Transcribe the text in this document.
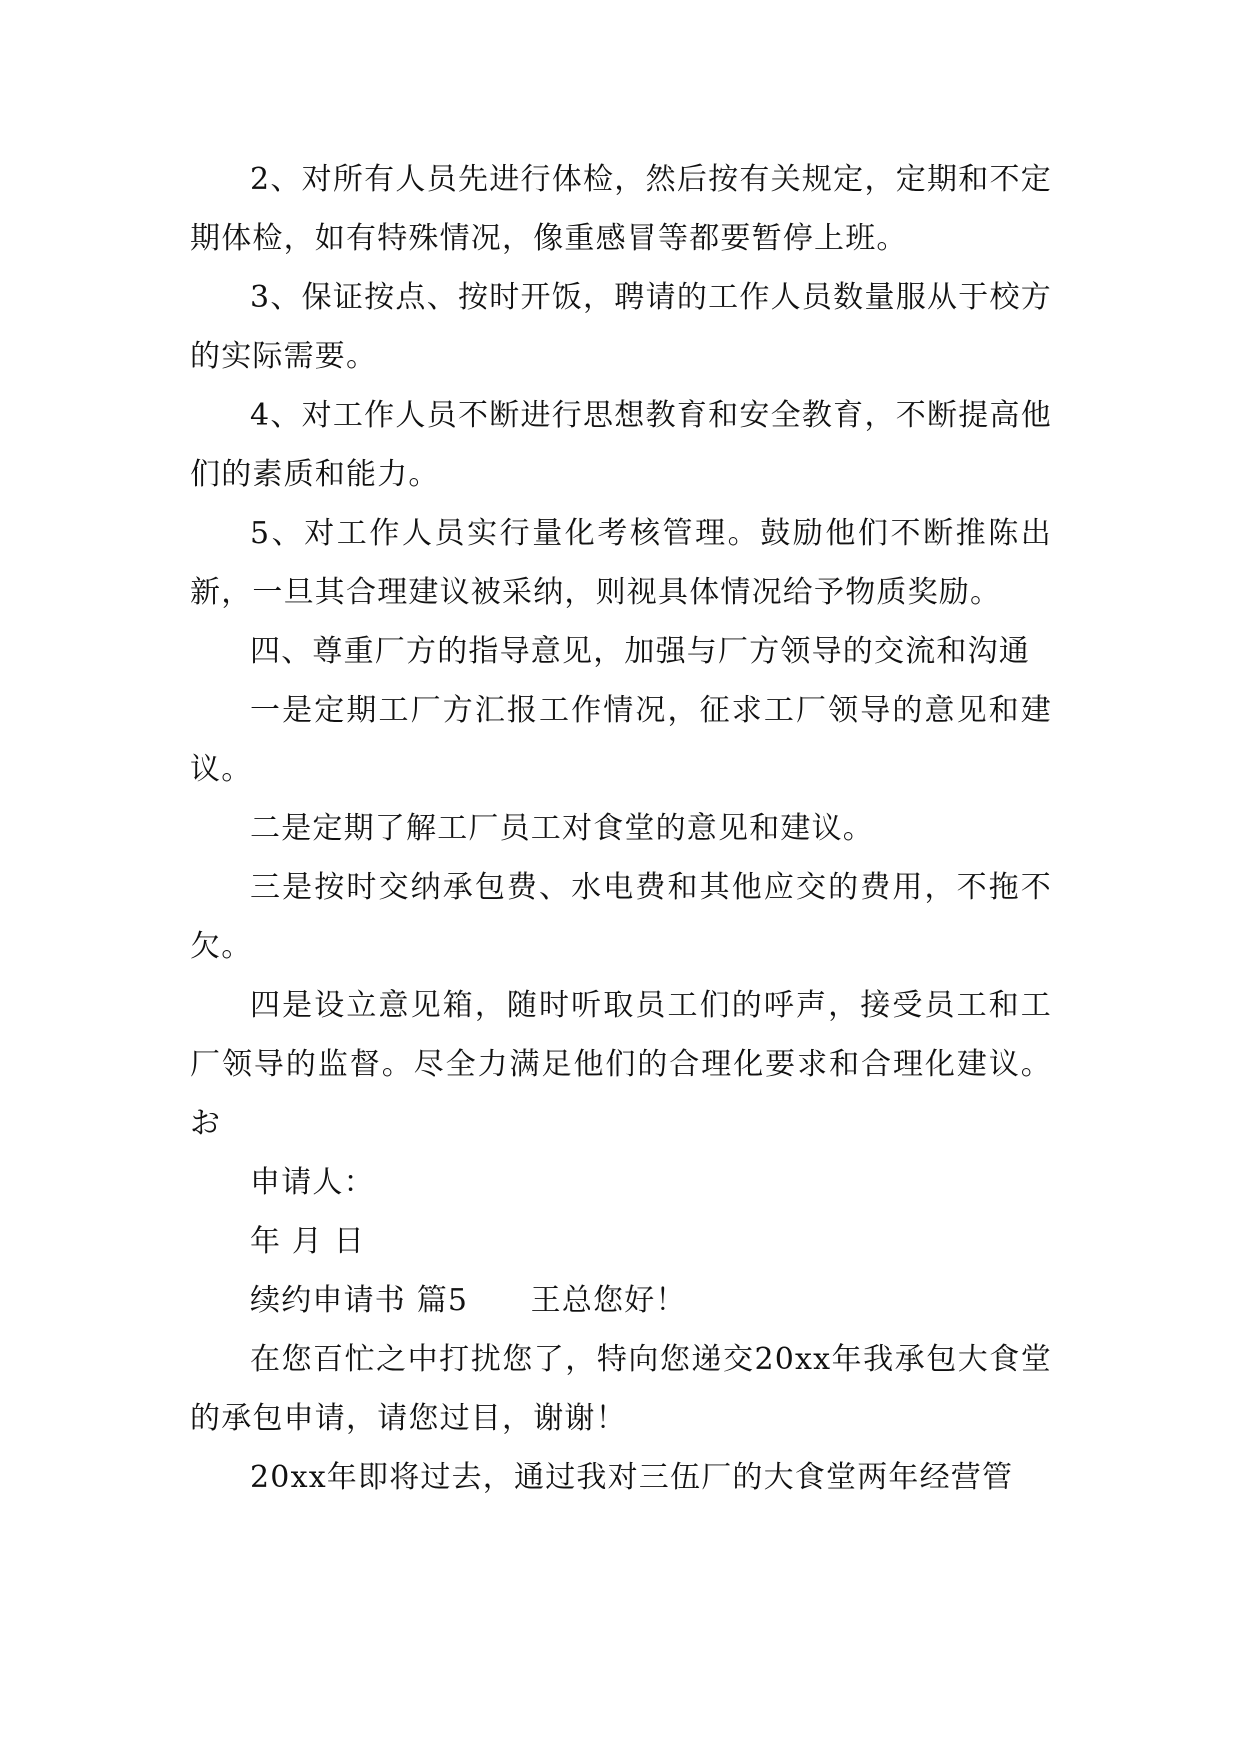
2、对所有人员先进行体检，然后按有关规定，定期和不定期体检，如有特殊情况，像重感冒等都要暂停上班。

3、保证按点、按时开饭，聘请的工作人员数量服从于校方的实际需要。

4、对工作人员不断进行思想教育和安全教育，不断提高他们的素质和能力。

5、对工作人员实行量化考核管理。鼓励他们不断推陈出新，一旦其合理建议被采纳，则视具体情况给予物质奖励。

四、尊重厂方的指导意见，加强与厂方领导的交流和沟通

一是定期工厂方汇报工作情况，征求工厂领导的意见和建议。

二是定期了解工厂员工对食堂的意见和建议。

三是按时交纳承包费、水电费和其他应交的费用，不拖不欠。

四是设立意见箱，随时听取员工们的呼声，接受员工和工厂领导的监督。尽全力满足他们的合理化要求和合理化建议。お

申请人：

年 月 日

续约申请书 篇5　　王总您好！

在您百忙之中打扰您了，特向您递交20xx年我承包大食堂的承包申请，请您过目，谢谢！

20xx年即将过去，通过我对三伍厂的大食堂两年经营管
